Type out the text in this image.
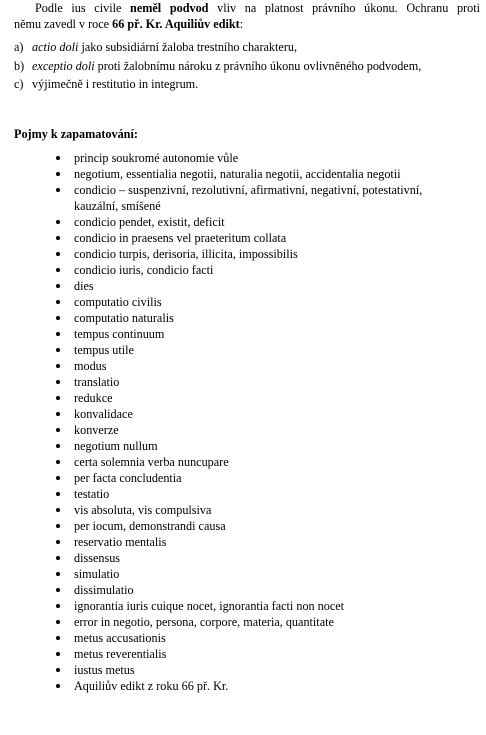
Podle ius civile neměl podvod vliv na platnost právního úkonu. Ochranu proti
němu zavedl v roce 66 př. Kr. Aquiliův edikt:
a) actio doli jako subsidiární žaloba trestního charakteru,
b) exceptio doli proti žalobnímu nároku z právního úkonu ovlivněného podvodem,
c) výjimečně i restitutio in integrum.
Pojmy k zapamatování:
princip soukromé autonomie vůle
negotium, essentialia negotii, naturalia negotii, accidentalia negotii
condicio – suspenzivní, rezolutivní, afirmativní, negativní, potestativní, kauzální, smíšené
condicio pendet, existit, deficit
condicio in praesens vel praeteritum collata
condicio turpis, derisoria, illicita, impossibilis
condicio iuris, condicio facti
dies
computatio civilis
computatio naturalis
tempus continuum
tempus utile
modus
translatio
redukce
konvalidace
konverze
negotium nullum
certa solemnia verba nuncupare
per facta concludentia
testatio
vis absoluta, vis compulsiva
per iocum, demonstrandi causa
reservatio mentalis
dissensus
simulatio
dissimulatio
ignorantia iuris cuique nocet, ignorantia facti non nocet
error in negotio, persona, corpore, materia, quantitate
metus accusationis
metus reverentialis
iustus metus
Aquiliův edikt z roku 66 př. Kr.
